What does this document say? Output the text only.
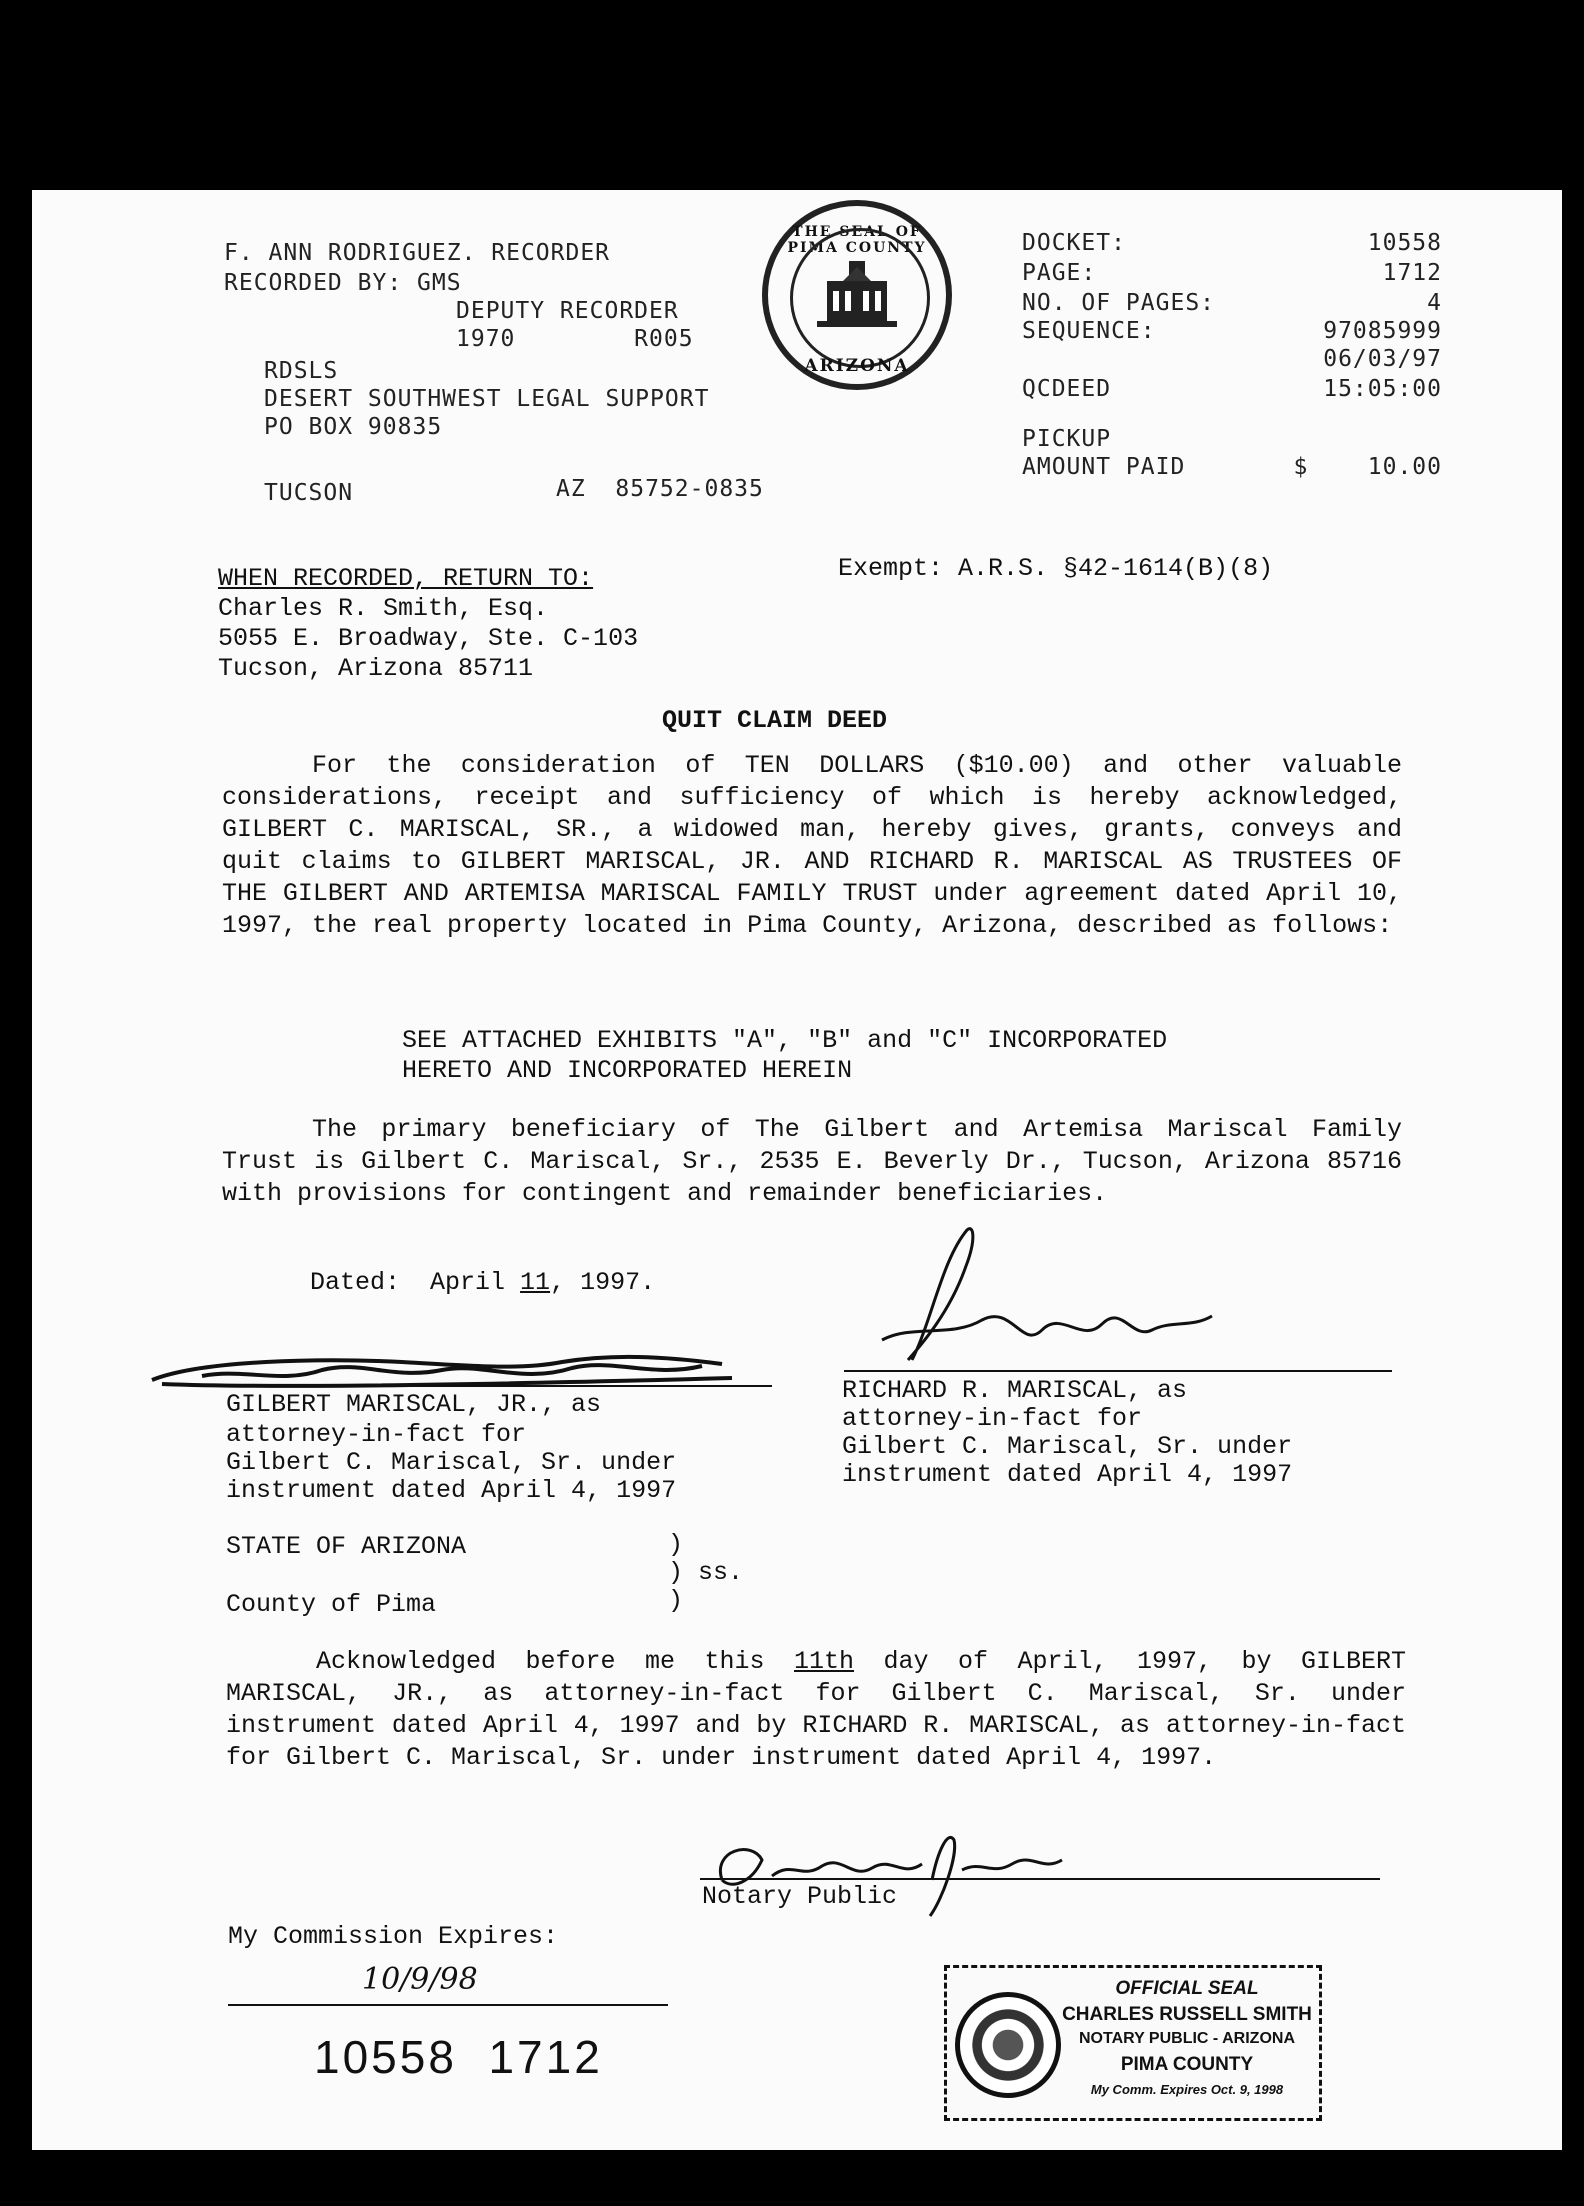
F. ANN RODRIGUEZ. RECORDER
RECORDED BY: GMS
DEPUTY RECORDER
1970        R005
RDSLS
DESERT SOUTHWEST LEGAL SUPPORT
PO BOX 90835
TUCSON	AZ  85752-0835
THE SEAL OF PIMA COUNTY
ARIZONA
DOCKET:	10558
PAGE:	1712
NO. OF PAGES:	4
SEQUENCE:	97085999
06/03/97
QCDEED	15:05:00
PICKUP
AMOUNT PAID	$    10.00
WHEN RECORDED, RETURN TO:
Charles R. Smith, Esq.
5055 E. Broadway, Ste. C-103
Tucson, Arizona 85711
Exempt: A.R.S. §42-1614(B)(8)
QUIT CLAIM DEED
For the consideration of TEN DOLLARS ($10.00) and other valuable considerations, receipt and sufficiency of which is hereby acknowledged, GILBERT C. MARISCAL, SR., a widowed man, hereby gives, grants, conveys and quit claims to GILBERT MARISCAL, JR. AND RICHARD R. MARISCAL AS TRUSTEES OF THE GILBERT AND ARTEMISA MARISCAL FAMILY TRUST under agreement dated April 10, 1997, the real property located in Pima County, Arizona, described as follows:
SEE ATTACHED EXHIBITS "A", "B" and "C" INCORPORATED
HERETO AND INCORPORATED HEREIN
The primary beneficiary of The Gilbert and Artemisa Mariscal Family Trust is Gilbert C. Mariscal, Sr., 2535 E. Beverly Dr., Tucson, Arizona 85716 with provisions for contingent and remainder beneficiaries.
Dated:  April 11, 1997.
GILBERT MARISCAL, JR., as
attorney-in-fact for
Gilbert C. Mariscal, Sr. under
instrument dated April 4, 1997
RICHARD R. MARISCAL, as
attorney-in-fact for
Gilbert C. Mariscal, Sr. under
instrument dated April 4, 1997
STATE OF ARIZONA
County of Pima
)
) ss.
)
Acknowledged before me this 11th day of April, 1997, by GILBERT MARISCAL, JR., as attorney-in-fact for Gilbert C. Mariscal, Sr. under instrument dated April 4, 1997 and by RICHARD R. MARISCAL, as attorney-in-fact for Gilbert C. Mariscal, Sr. under instrument dated April 4, 1997.
Notary Public
My Commission Expires:
10/9/98
10558  1712
OFFICIAL SEAL
CHARLES RUSSELL SMITH
NOTARY PUBLIC - ARIZONA
PIMA COUNTY
My Comm. Expires Oct. 9, 1998
